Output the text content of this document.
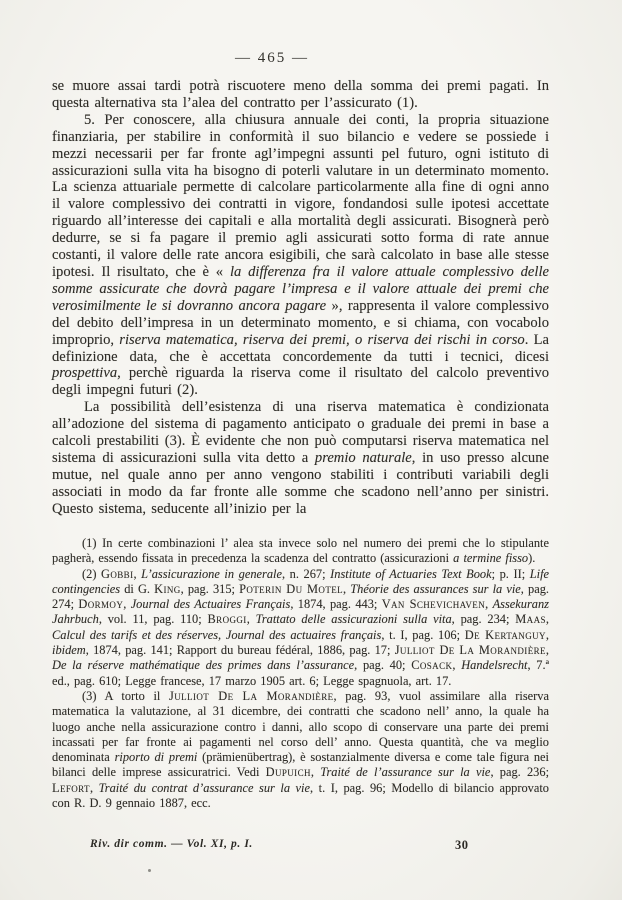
— 465 —

se muore assai tardi potrà riscuotere meno della somma dei premi pagati. In questa alternativa sta l’alea del contratto per l’assicurato (1).

5. Per conoscere, alla chiusura annuale dei conti, la propria situazione finanziaria, per stabilire in conformità il suo bilancio e vedere se possiede i mezzi necessarii per far fronte agl’impegni assunti pel futuro, ogni istituto di assicurazioni sulla vita ha bisogno di poterli valutare in un determinato momento. La scienza attuariale permette di calcolare particolarmente alla fine di ogni anno il valore complessivo dei contratti in vigore, fondandosi sulle ipotesi accettate riguardo all’interesse dei capitali e alla mortalità degli assicurati. Bisognerà però dedurre, se si fa pagare il premio agli assicurati sotto forma di rate annue costanti, il valore delle rate ancora esigibili, che sarà calcolato in base alle stesse ipotesi. Il risultato, che è « la differenza fra il valore attuale complessivo delle somme assicurate che dovrà pagare l’impresa e il valore attuale dei premi che verosimilmente le si dovranno ancora pagare », rappresenta il valore complessivo del debito dell’impresa in un determinato momento, e si chiama, con vocabolo improprio, riserva matematica, riserva dei premi, o riserva dei rischi in corso. La definizione data, che è accettata concordemente da tutti i tecnici, dicesi prospettiva, perchè riguarda la riserva come il risultato del calcolo preventivo degli impegni futuri (2).

La possibilità dell’esistenza di una riserva matematica è condizionata all’adozione del sistema di pagamento anticipato o graduale dei premi in base a calcoli prestabiliti (3). È evidente che non può computarsi riserva matematica nel sistema di assicurazioni sulla vita detto a premio naturale, in uso presso alcune mutue, nel quale anno per anno vengono stabiliti i contributi variabili degli associati in modo da far fronte alle somme che scadono nell’anno per sinistri. Questo sistema, seducente all’inizio per la

(1) In certe combinazioni l’ alea sta invece solo nel numero dei premi che lo stipulante pagherà, essendo fissata in precedenza la scadenza del contratto (assicurazioni a termine fisso).

(2) Gobbi, L’assicurazione in generale, n. 267; Institute of Actuaries Text Book; p. II; Life contingencies di G. King, pag. 315; Poterin Du Motel, Théorie des assurances sur la vie, pag. 274; Dormoy, Journal des Actuaires Français, 1874, pag. 443; Van Schevichaven, Assekuranz Jahrbuch, vol. 11, pag. 110; Broggi, Trattato delle assicurazioni sulla vita, pag. 234; Maas, Calcul des tarifs et des réserves, Journal des actuaires français, t. I, pag. 106; De Kertanguy, ibidem, 1874, pag. 141; Rapport du bureau fédéral, 1886, pag. 17; Julliot De La Morandière, De la réserve mathématique des primes dans l’assurance, pag. 40; Cosack, Handelsrecht, 7.ª ed., pag. 610; Legge francese, 17 marzo 1905 art. 6; Legge spagnuola, art. 17.

(3) A torto il Julliot De La Morandière, pag. 93, vuol assimilare alla riserva matematica la valutazione, al 31 dicembre, dei contratti che scadono nell’ anno, la quale ha luogo anche nella assicurazione contro i danni, allo scopo di conservare una parte dei premi incassati per far fronte ai pagamenti nel corso dell’ anno. Questa quantità, che va meglio denominata riporto di premi (prämienübertrag), è sostanzialmente diversa e come tale figura nei bilanci delle imprese assicuratrici. Vedi Dupuich, Traité de l’assurance sur la vie, pag. 236; Lefort, Traité du contrat d’assurance sur la vie, t. I, pag. 96; Modello di bilancio approvato con R. D. 9 gennaio 1887, ecc.

Riv. dir comm. — Vol. XI, p. I.	30
